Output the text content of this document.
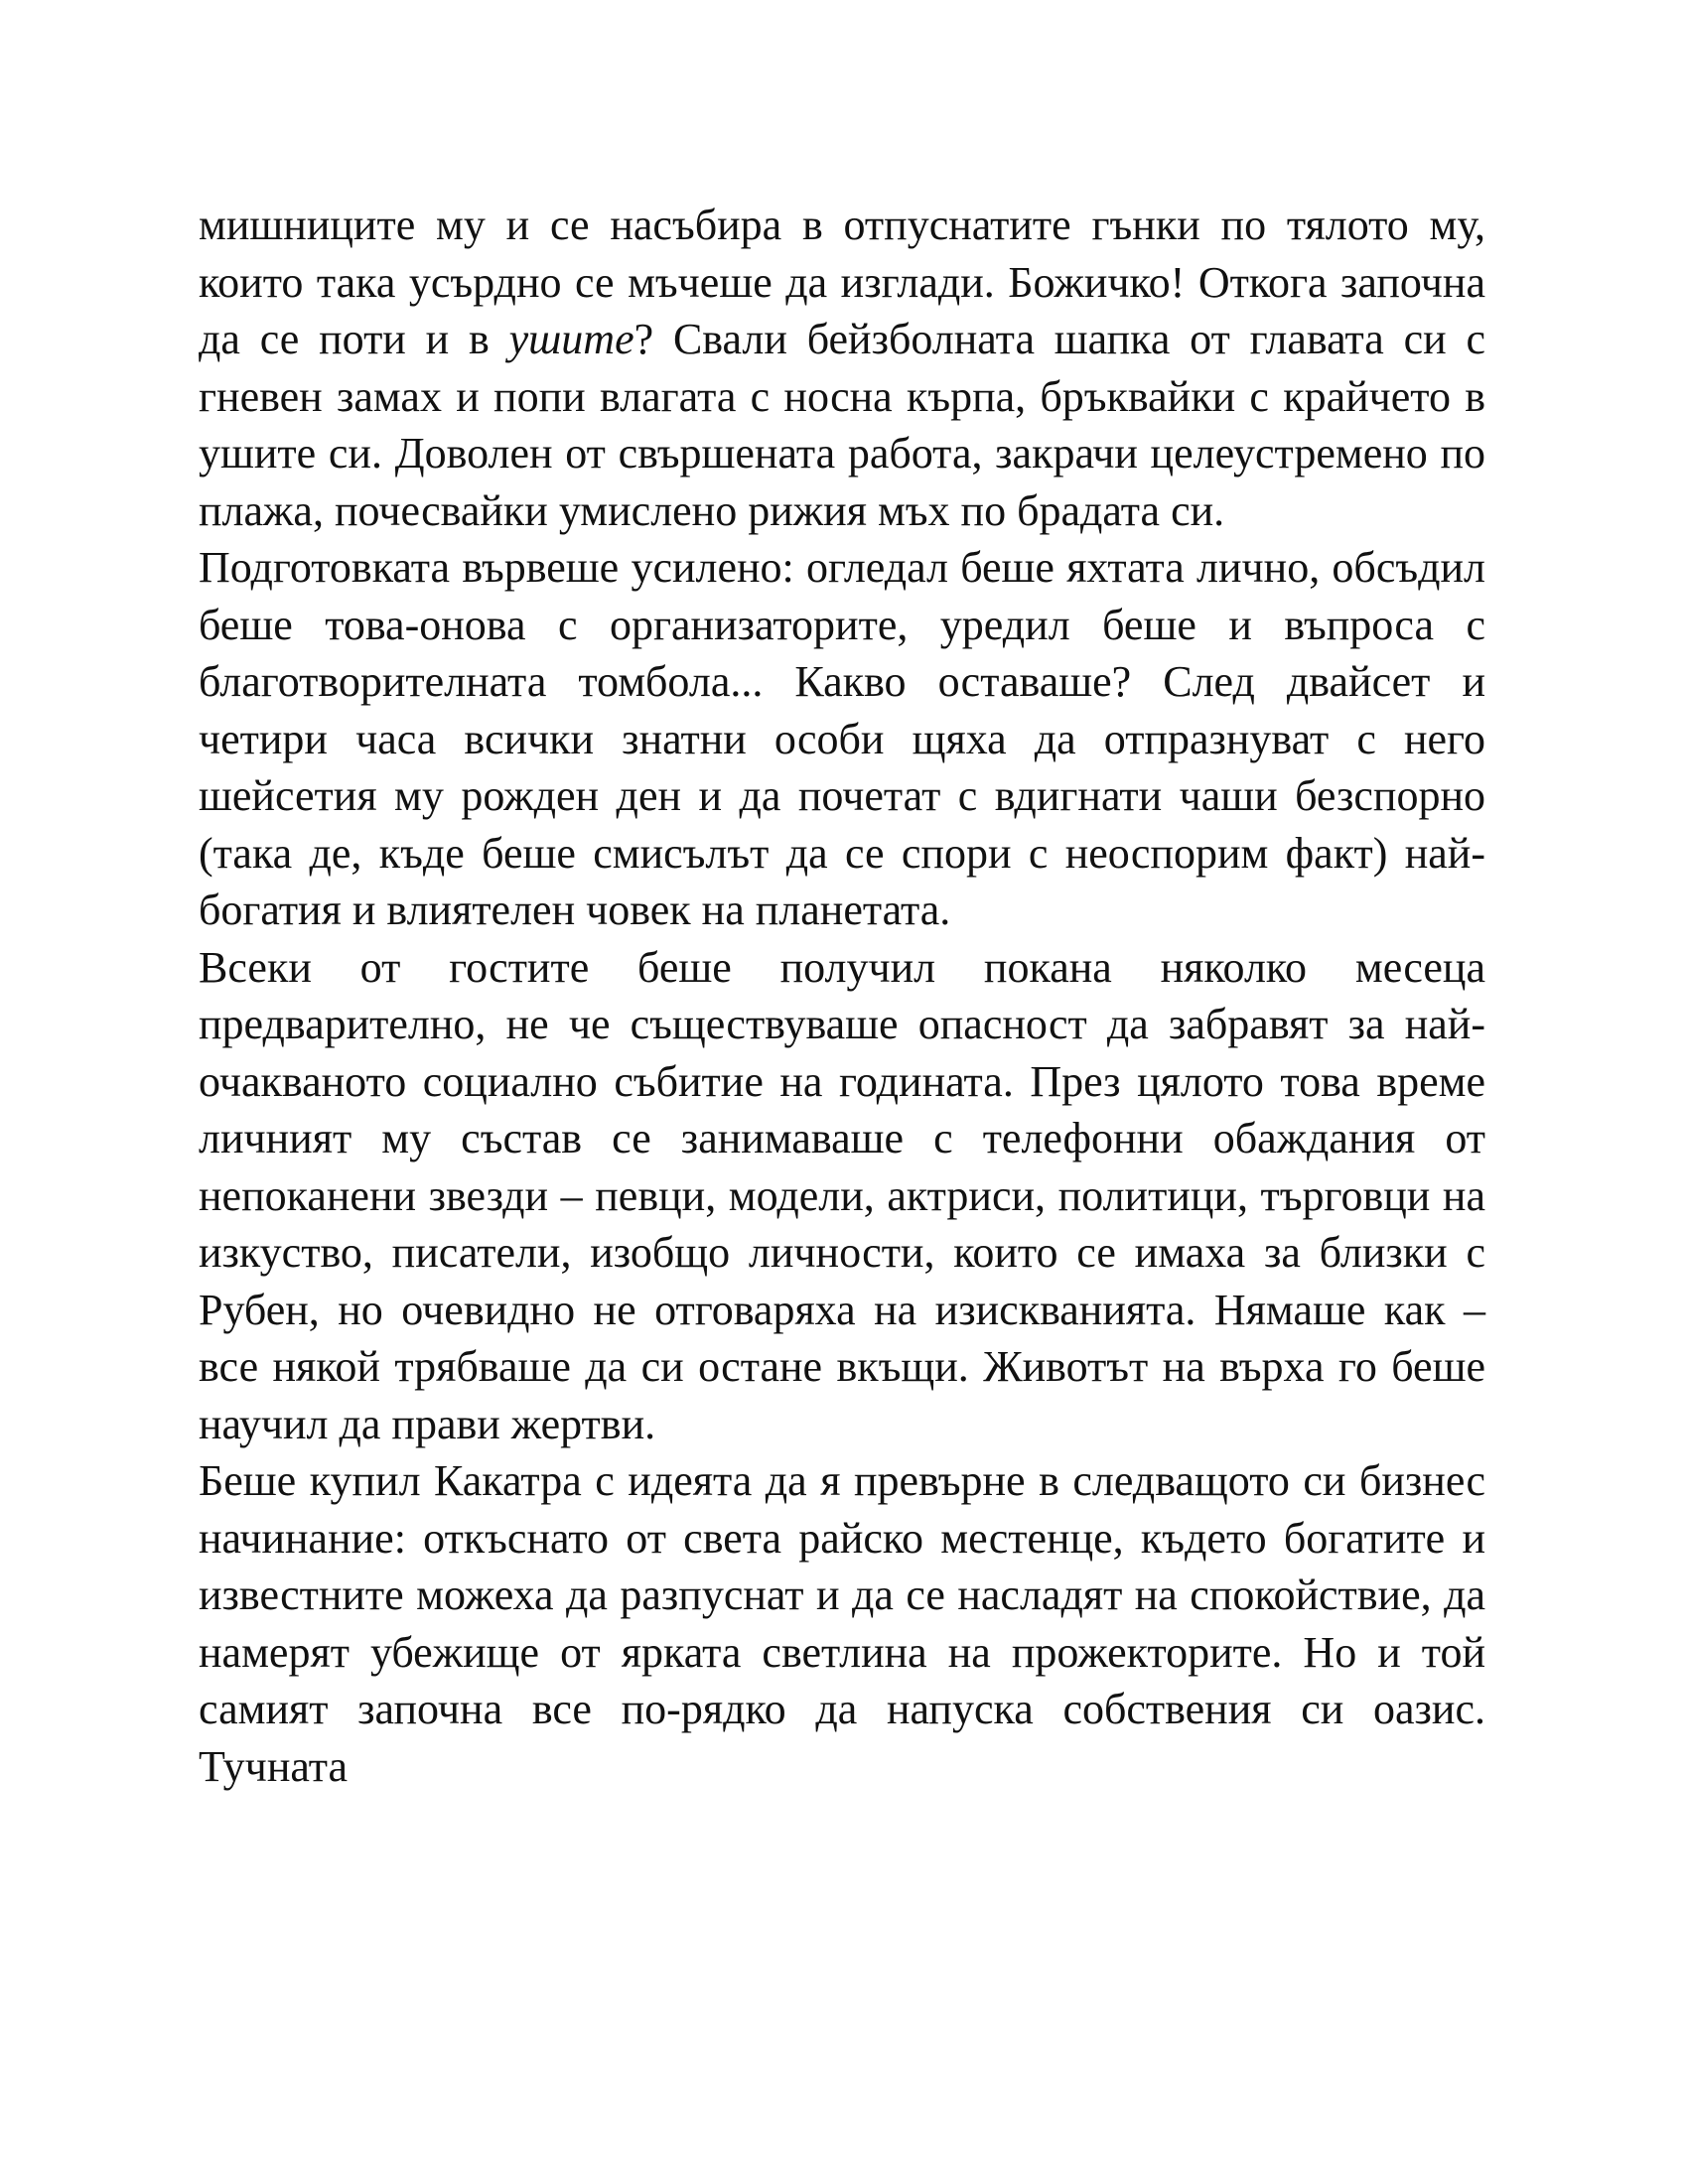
мишниците му и се насъбира в отпуснатите гънки по тялото му, които така усърдно се мъчеше да изглади. Божичко! Откога започна да се поти и в ушите? Свали бейзболната шапка от главата си с гневен замах и попи влагата с носна кърпа, бръквайки с крайчето в ушите си. Доволен от свършената работа, закрачи целеустремено по плажа, почесвайки умислено рижия мъх по брадата си.

Подготовката вървеше усилено: огледал беше яхтата лично, обсъдил беше това-онова с организаторите, уредил беше и въпроса с благотворителната томбола... Какво оставаше? След двайсет и четири часа всички знатни особи щяха да отпразнуват с него шейсетия му рожден ден и да почетат с вдигнати чаши безспорно (така де, къде беше смисълът да се спори с неоспорим факт) най-богатия и влиятелен човек на планетата.

Всеки от гостите беше получил покана няколко месеца предварително, не че съществуваше опасност да забравят за най-очакваното социално събитие на годината. През цялото това време личният му състав се занимаваше с телефонни обаждания от непоканени звезди – певци, модели, актриси, политици, търговци на изкуство, писатели, изобщо личности, които се имаха за близки с Рубен, но очевидно не отговаряха на изискванията. Нямаше как – все някой трябваше да си остане вкъщи. Животът на върха го беше научил да прави жертви.

Беше купил Какатра с идеята да я превърне в следващото си бизнес начинание: откъснато от света райско местенце, където богатите и известните можеха да разпуснат и да се насладят на спокойствие, да намерят убежище от ярката светлина на прожекторите. Но и той самият започна все по-рядко да напуска собствения си оазис. Тучната
